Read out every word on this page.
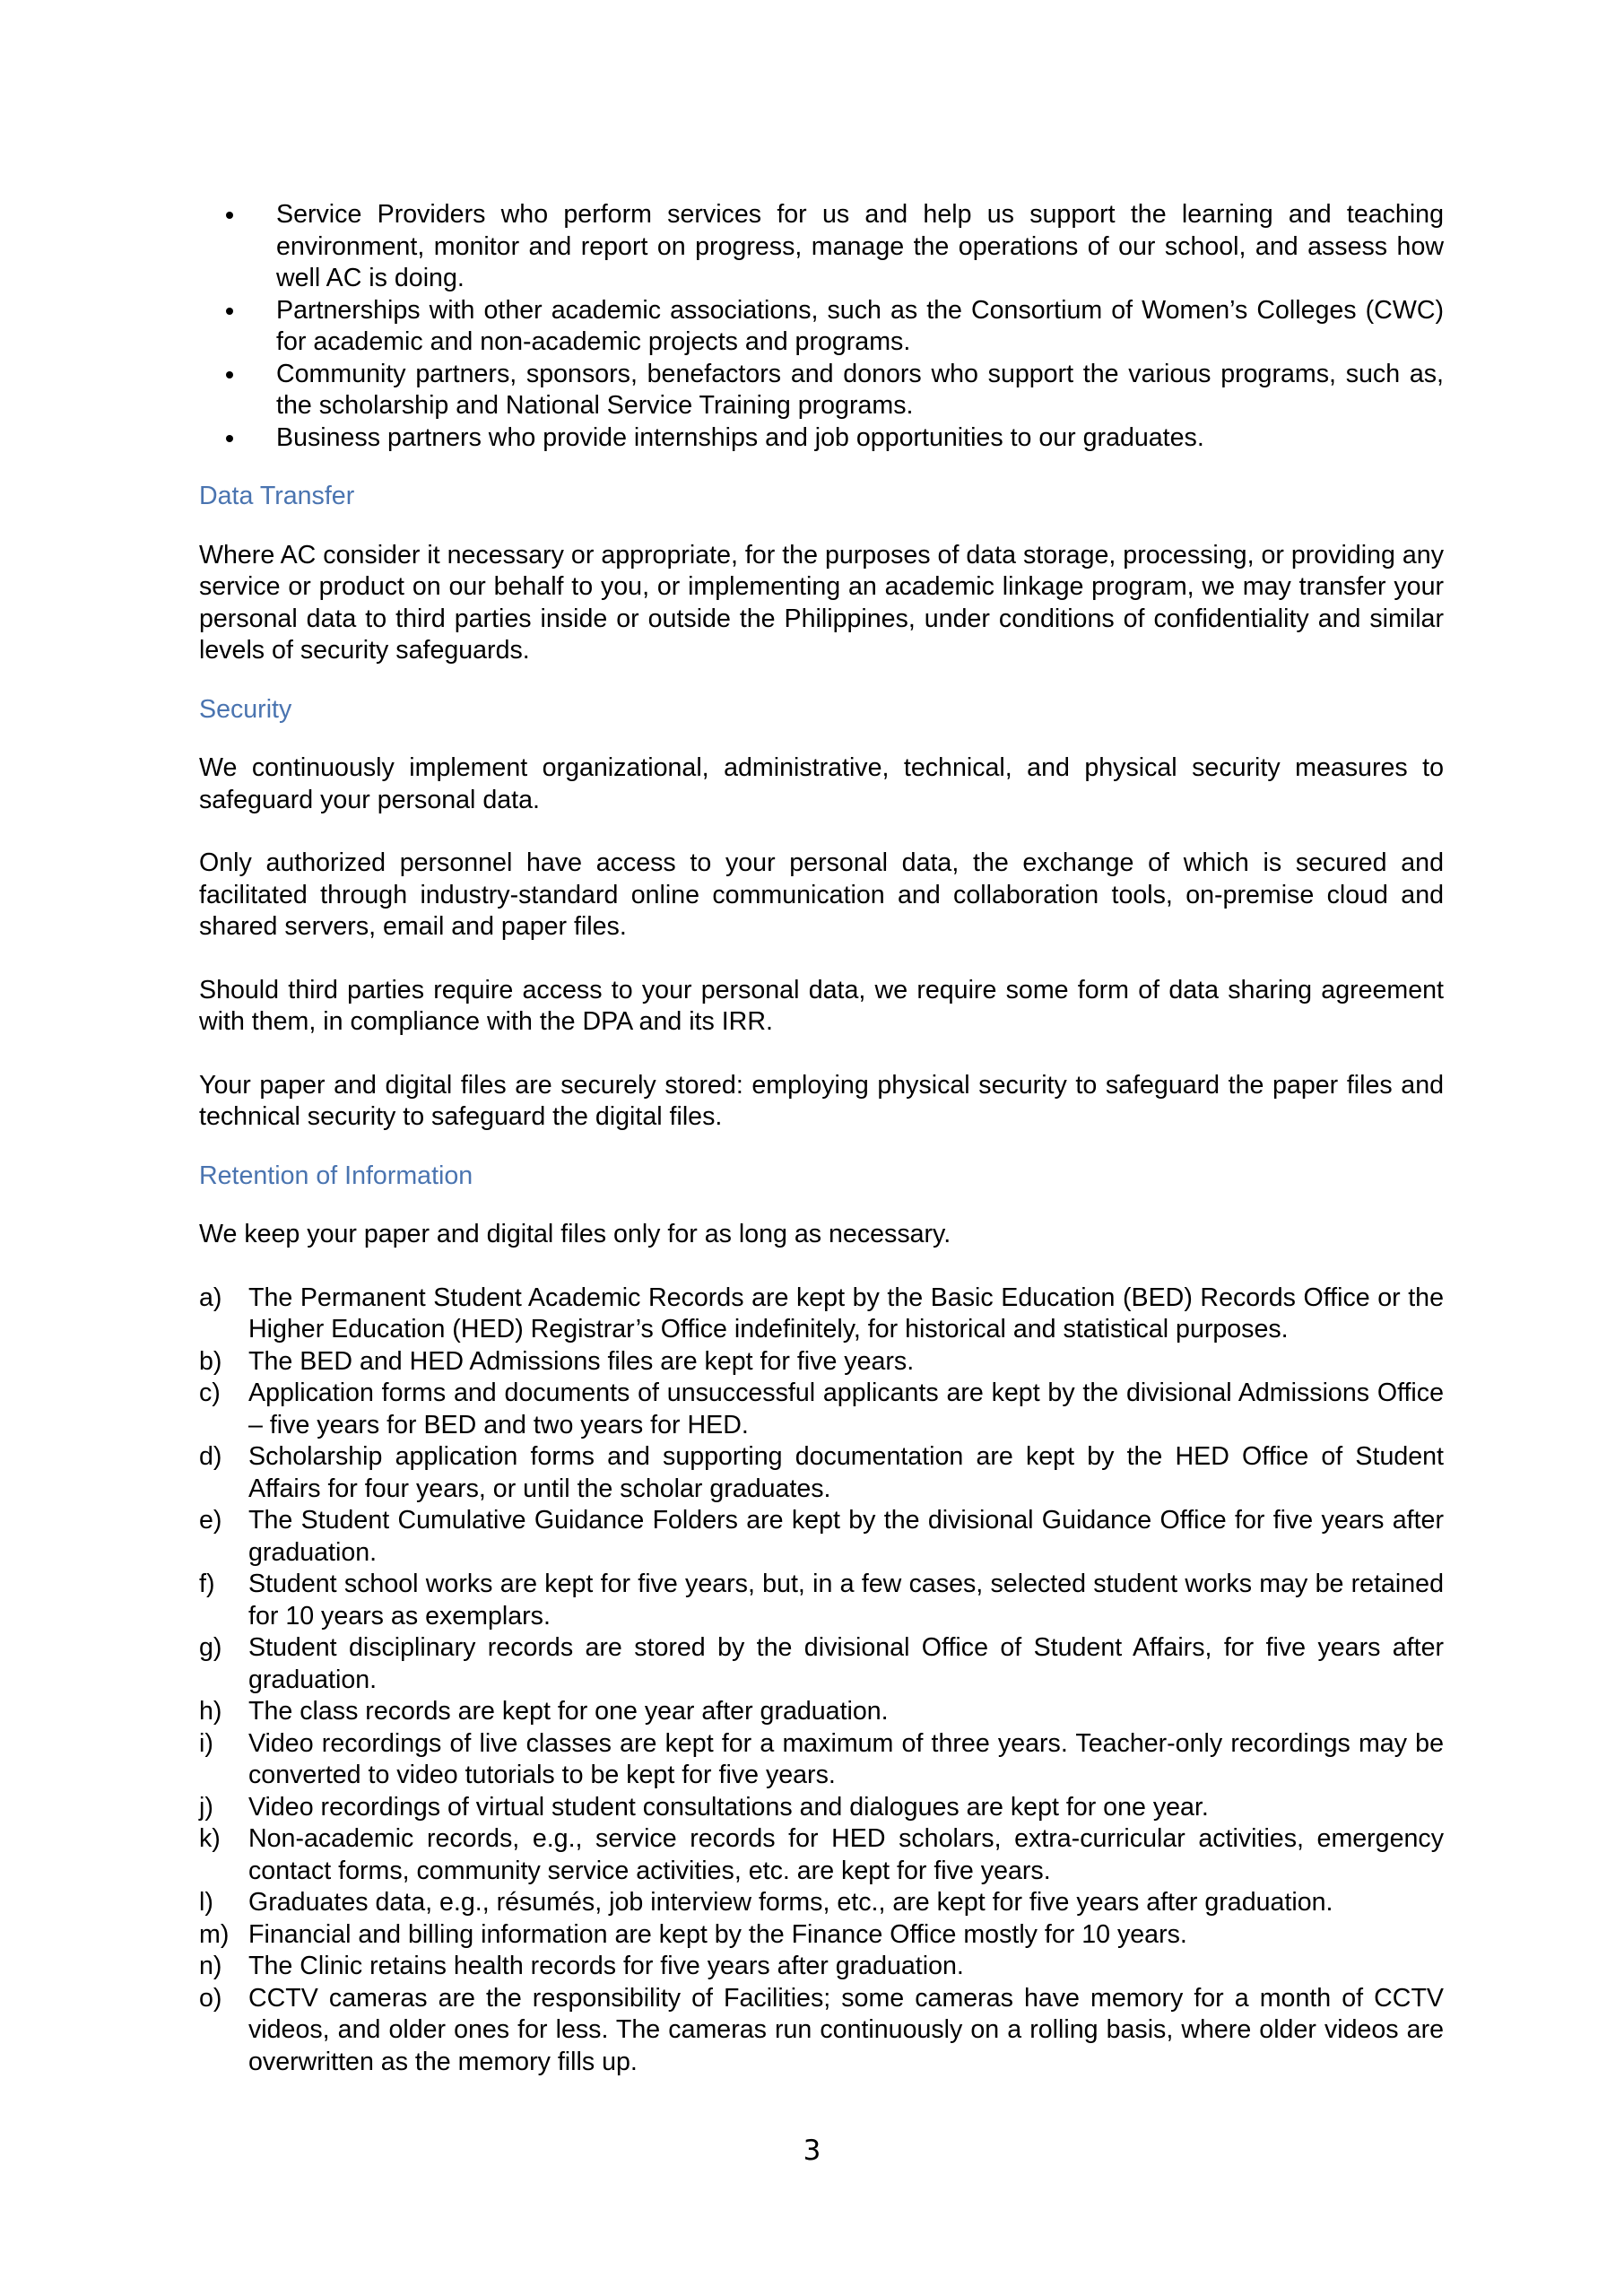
Service Providers who perform services for us and help us support the learning and teaching environment, monitor and report on progress, manage the operations of our school, and assess how well AC is doing.
Partnerships with other academic associations, such as the Consortium of Women’s Colleges (CWC) for academic and non-academic projects and programs.
Community partners, sponsors, benefactors and donors who support the various programs, such as, the scholarship and National Service Training programs.
Business partners who provide internships and job opportunities to our graduates.
Data Transfer

Where AC consider it necessary or appropriate, for the purposes of data storage, processing, or providing any service or product on our behalf to you, or implementing an academic linkage program, we may transfer your personal data to third parties inside or outside the Philippines, under conditions of confidentiality and similar levels of security safeguards.

Security

We continuously implement organizational, administrative, technical, and physical security measures to safeguard your personal data.

Only authorized personnel have access to your personal data, the exchange of which is secured and facilitated through industry-standard online communication and collaboration tools, on-premise cloud and shared servers, email and paper files.

Should third parties require access to your personal data, we require some form of data sharing agreement with them, in compliance with the DPA and its IRR.

Your paper and digital files are securely stored: employing physical security to safeguard the paper files and technical security to safeguard the digital files.

Retention of Information

We keep your paper and digital files only for as long as necessary.

a) The Permanent Student Academic Records are kept by the Basic Education (BED) Records Office or the Higher Education (HED) Registrar’s Office indefinitely, for historical and statistical purposes.
b) The BED and HED Admissions files are kept for five years.
c) Application forms and documents of unsuccessful applicants are kept by the divisional Admissions Office – five years for BED and two years for HED.
d) Scholarship application forms and supporting documentation are kept by the HED Office of Student Affairs for four years, or until the scholar graduates.
e) The Student Cumulative Guidance Folders are kept by the divisional Guidance Office for five years after graduation.
f) Student school works are kept for five years, but, in a few cases, selected student works may be retained for 10 years as exemplars.
g) Student disciplinary records are stored by the divisional Office of Student Affairs, for five years after graduation.
h) The class records are kept for one year after graduation.
i) Video recordings of live classes are kept for a maximum of three years. Teacher-only recordings may be converted to video tutorials to be kept for five years.
j) Video recordings of virtual student consultations and dialogues are kept for one year.
k) Non-academic records, e.g., service records for HED scholars, extra-curricular activities, emergency contact forms, community service activities, etc. are kept for five years.
l) Graduates data, e.g., résumés, job interview forms, etc., are kept for five years after graduation.
m) Financial and billing information are kept by the Finance Office mostly for 10 years.
n) The Clinic retains health records for five years after graduation.
o) CCTV cameras are the responsibility of Facilities; some cameras have memory for a month of CCTV videos, and older ones for less. The cameras run continuously on a rolling basis, where older videos are overwritten as the memory fills up.
3
